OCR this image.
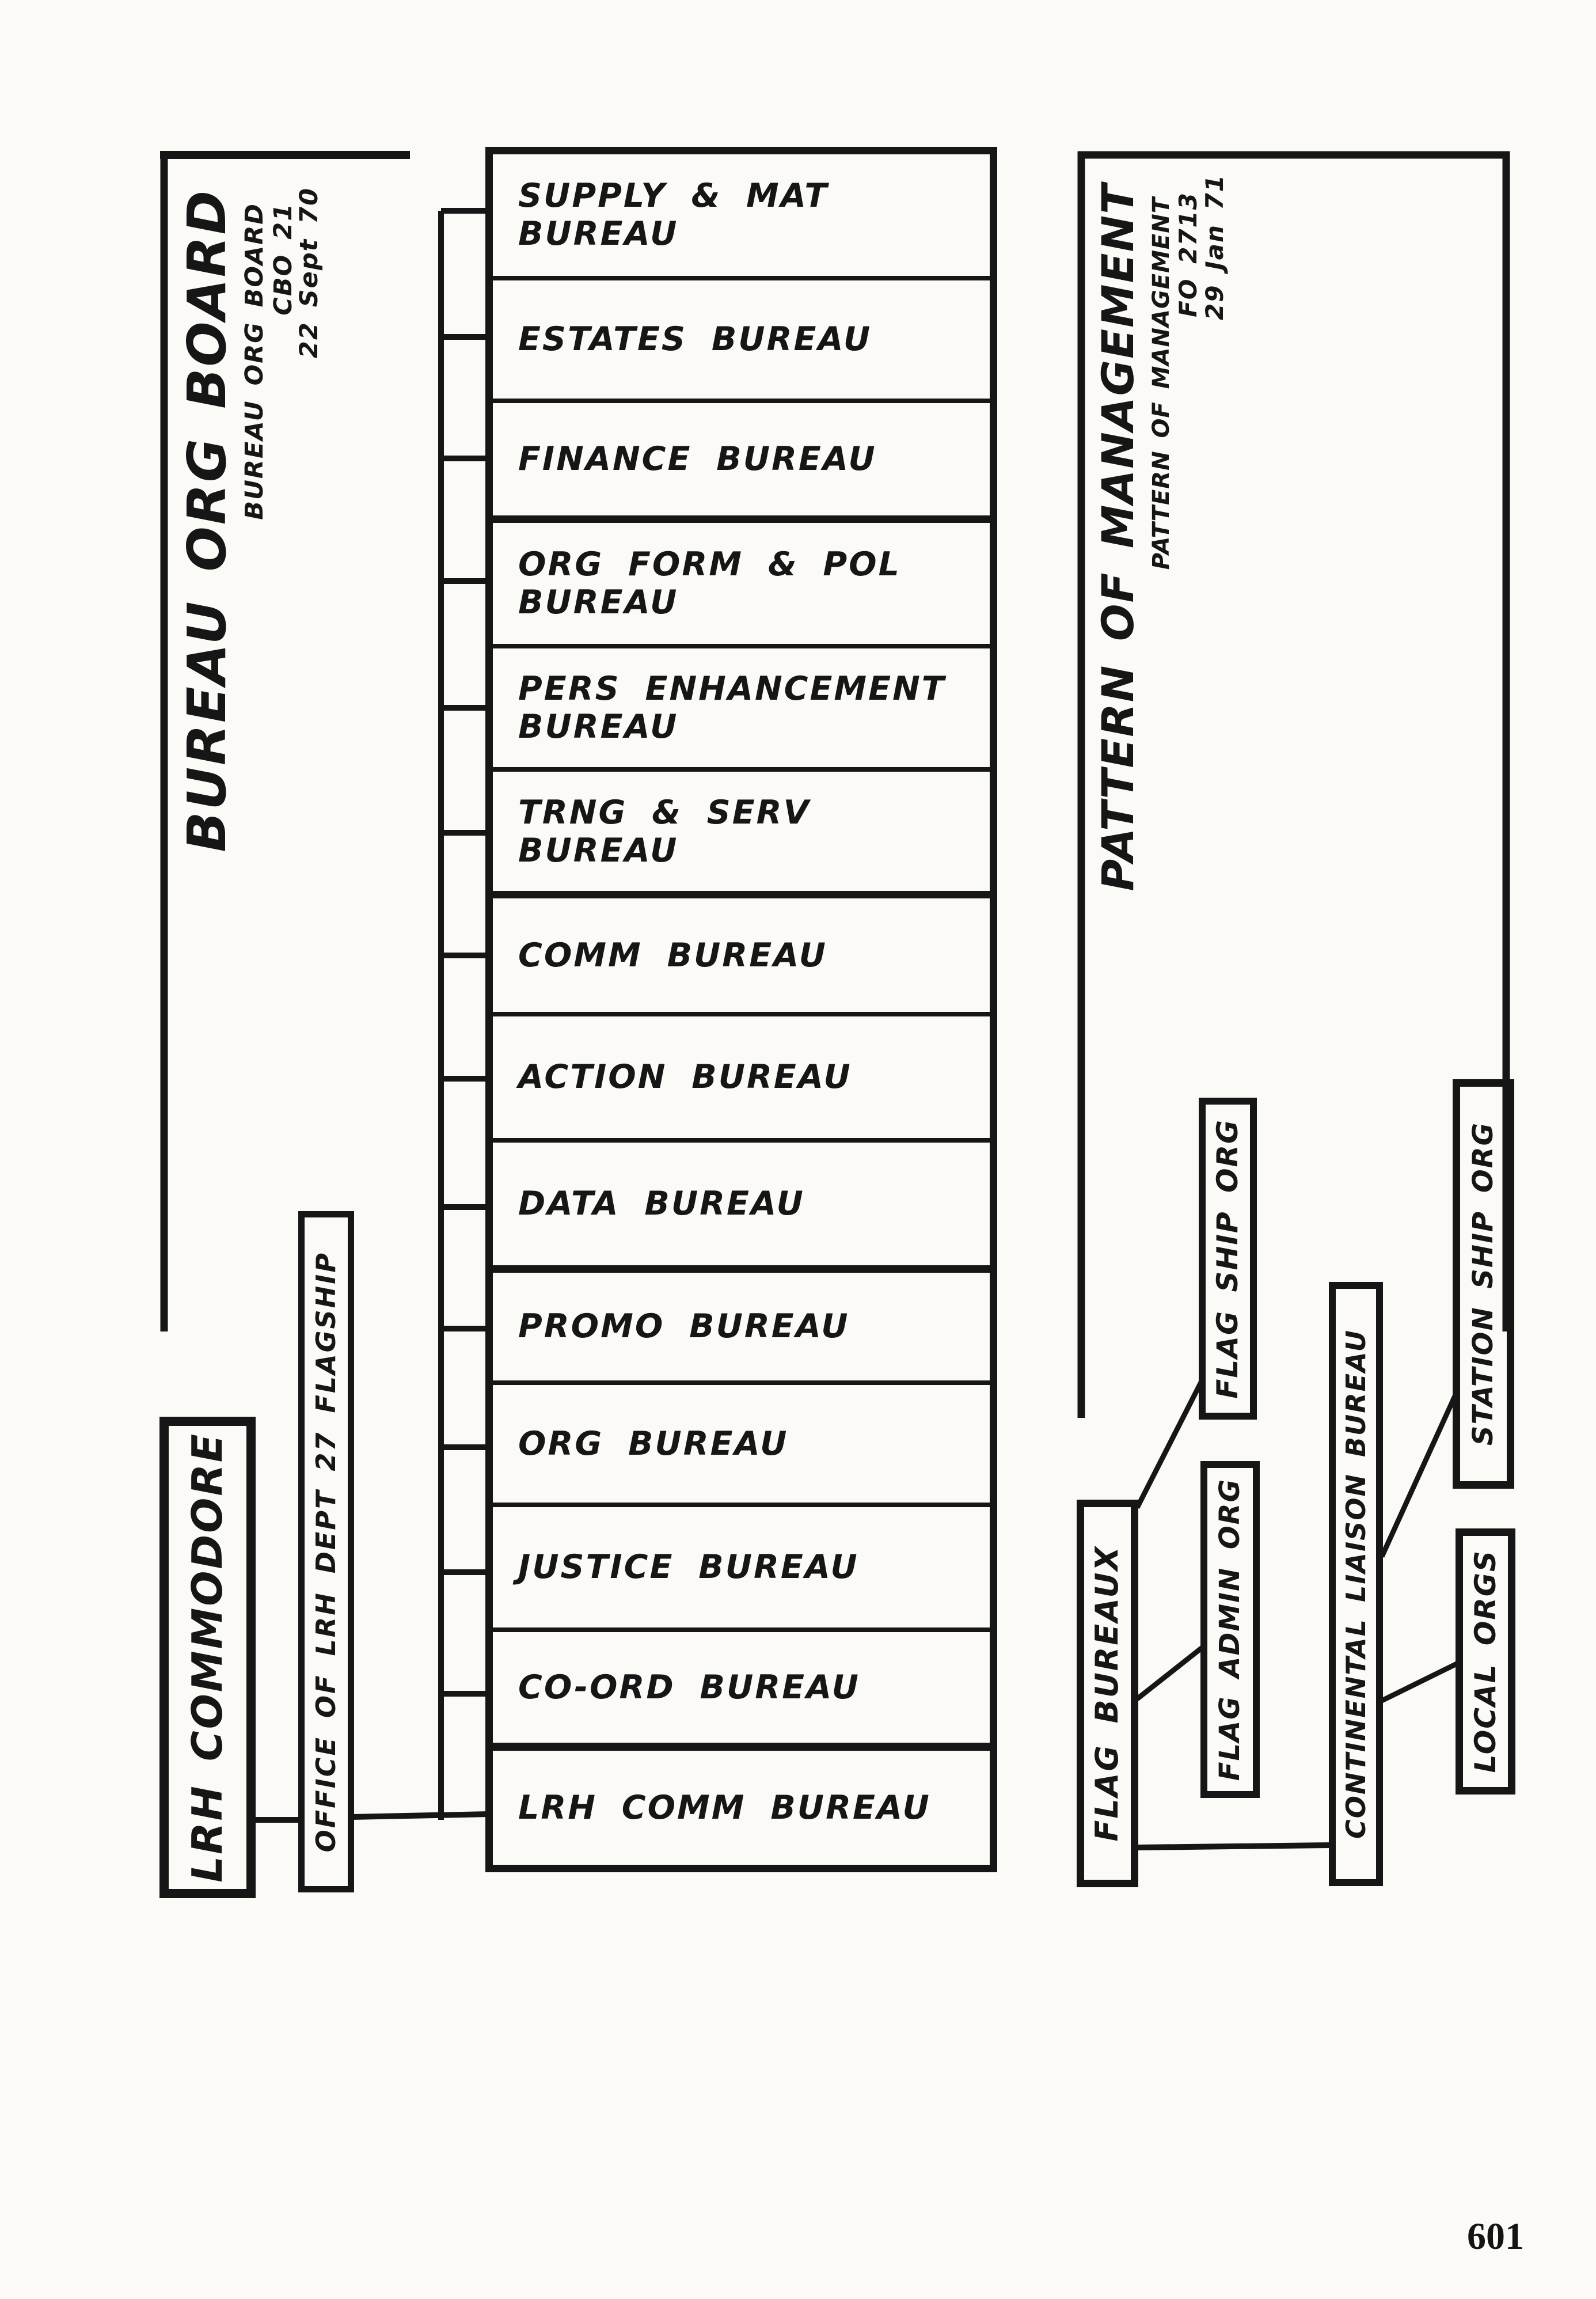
BUREAU ORG BOARD BUREAU ORG BOARD CBO 21
22 Sept 70	SUPPLY & MAT BUREAU
ESTATES BUREAU
FINANCE BUREAU
ORG FORM & POL BUREAU
PERS ENHANCEMENT BUREAU
TRNG & SERV BUREAU
COMM BUREAU
ACTION BUREAU
DATA BUREAU
PROMO BUREAU
ORG BUREAU
JUSTICE BUREAU
CO-ORD BUREAU
LRH COMM BUREAU
LRH COMMODORE	OFFICE OF LRH DEPT 27 FLAGSHIP
PATTERN OF MANAGEMENT PATTERN OF MANAGEMENT FO 2713
29 Jan 71
FLAG BUREAUX
FLAG SHIP ORG
FLAG ADMIN ORG	CONTINENTAL LIAISON BUREAU
STATION SHIP ORG
LOCAL ORGS
601
